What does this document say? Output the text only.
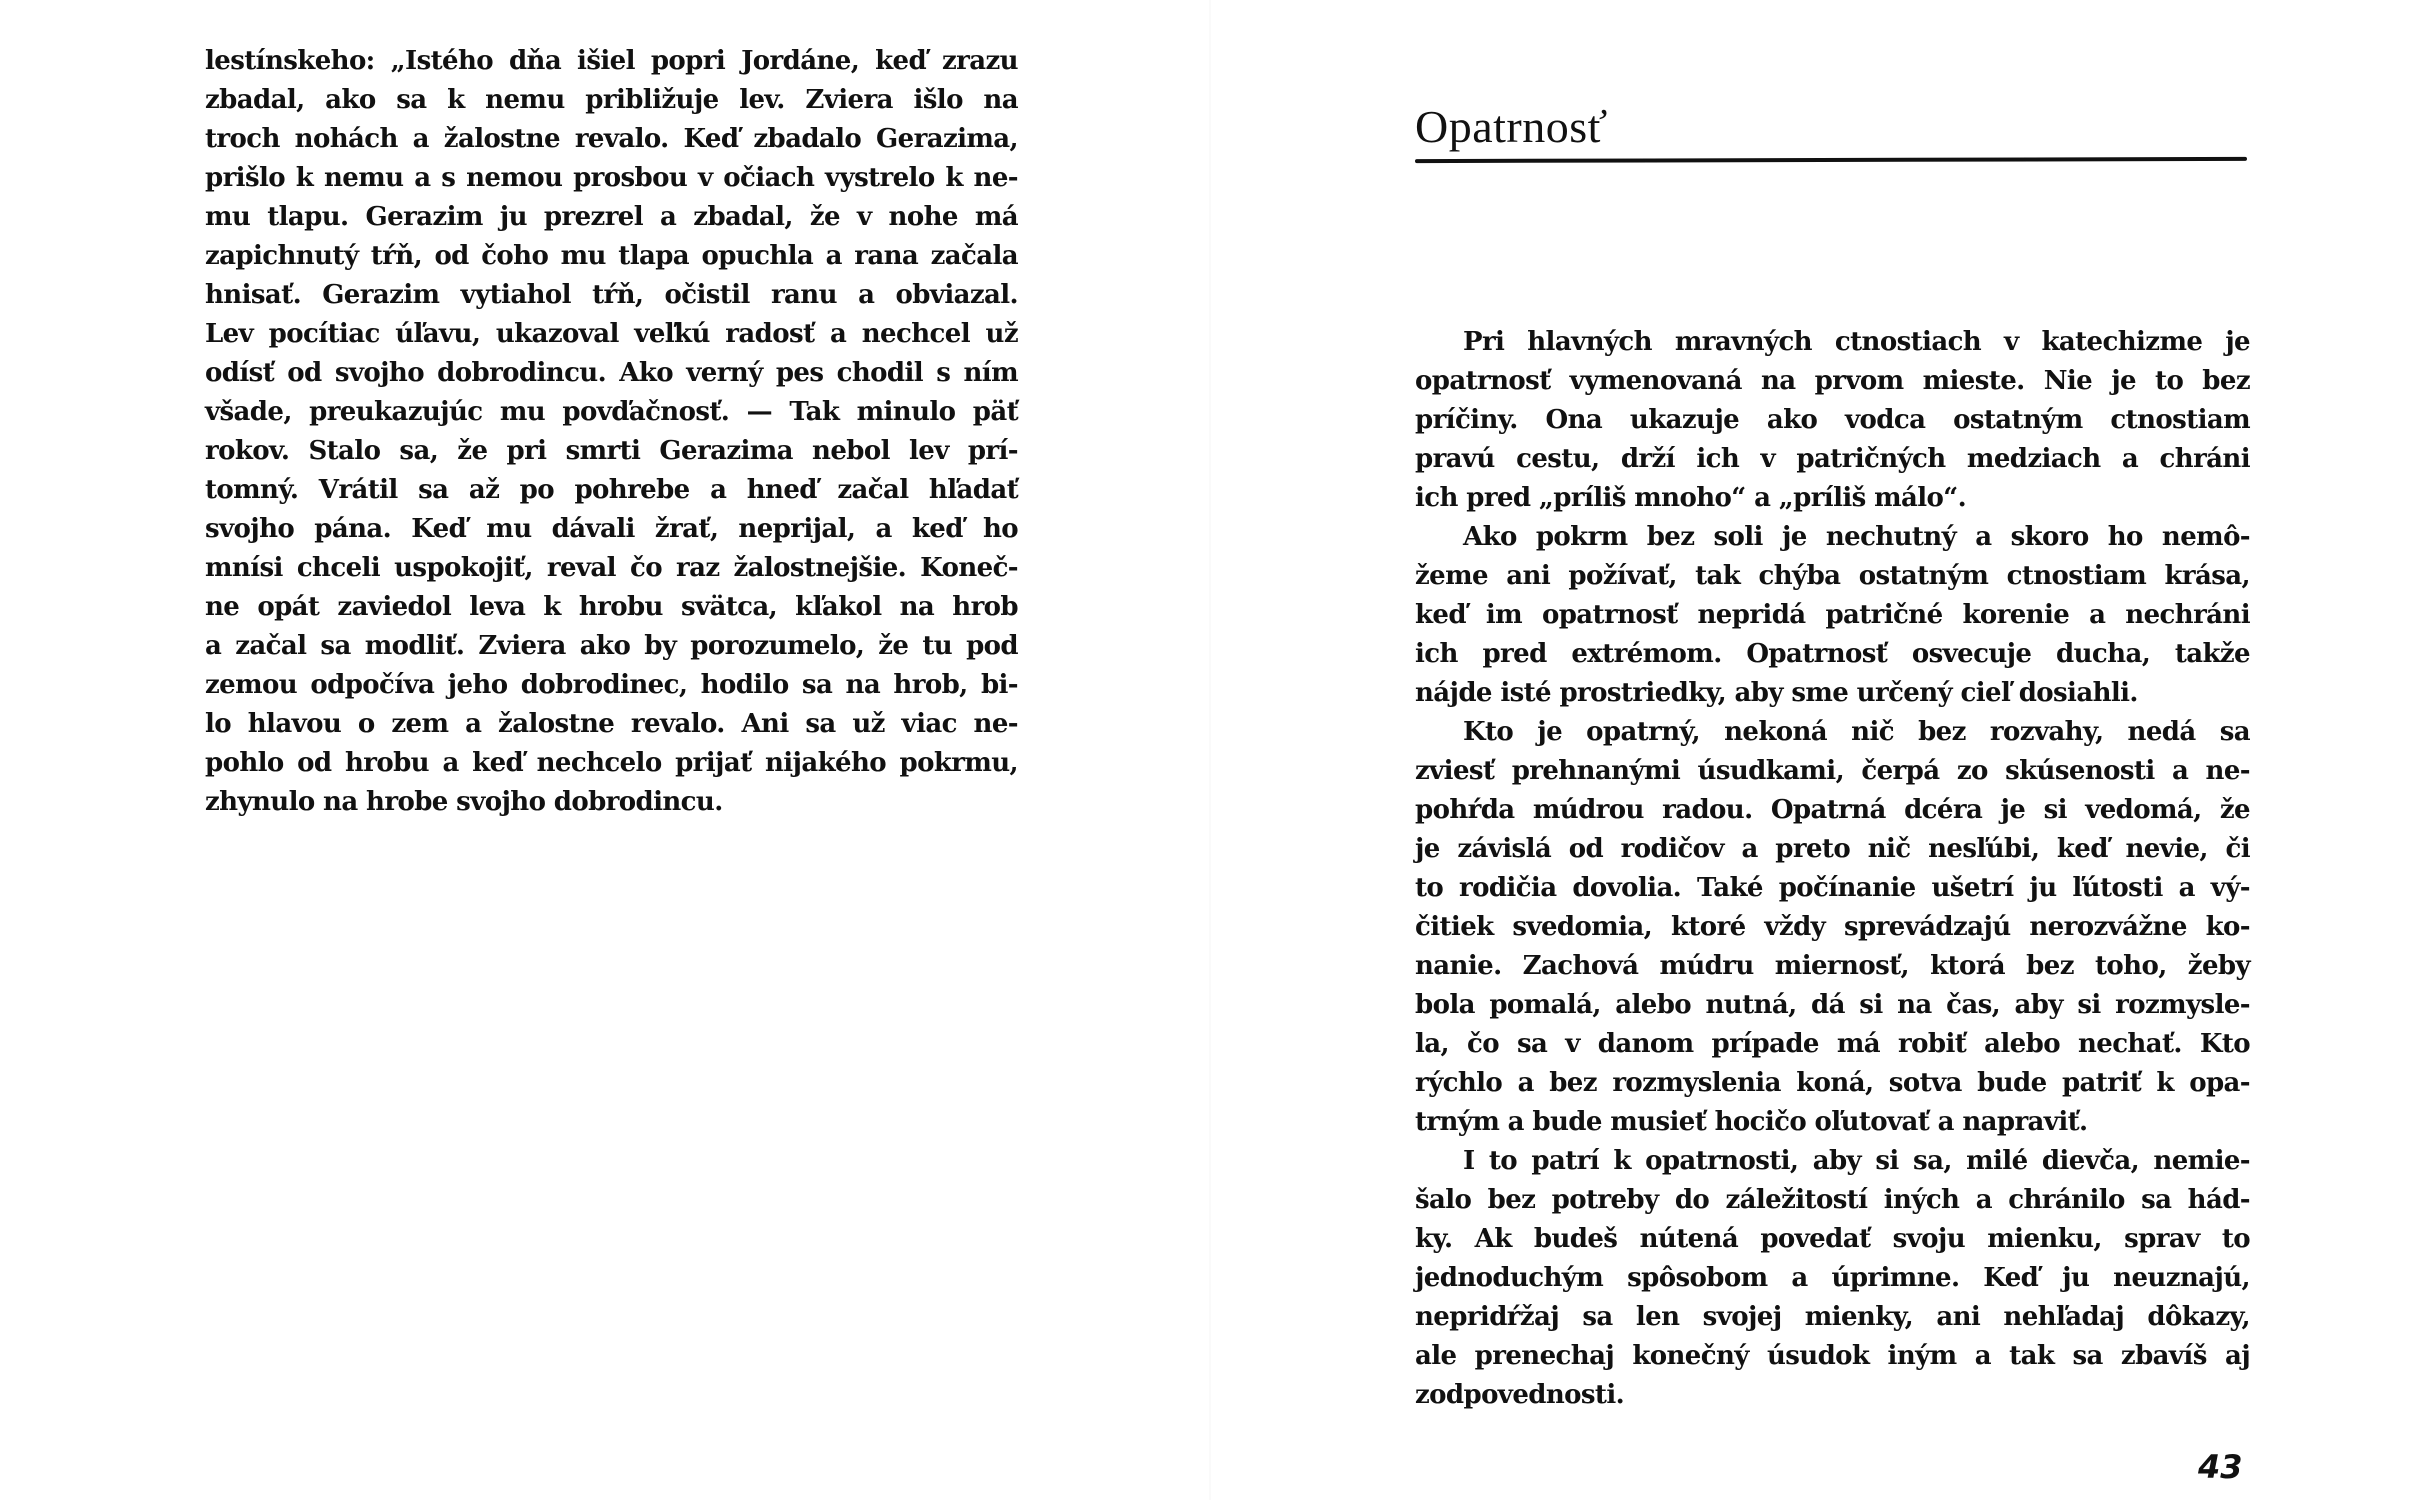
lestínskeho: „Istého dňa išiel popri Jordáne, keď zrazu
zbadal, ako sa k nemu približuje lev. Zviera išlo na
troch nohách a žalostne revalo. Keď zbadalo Gerazima,
prišlo k nemu a s nemou prosbou v očiach vystrelo k ne-
mu tlapu. Gerazim ju prezrel a zbadal, že v nohe má
zapichnutý tŕň, od čoho mu tlapa opuchla a rana začala
hnisať. Gerazim vytiahol tŕň, očistil ranu a obviazal.
Lev pocítiac úľavu, ukazoval veľkú radosť a nechcel už
odísť od svojho dobrodincu. Ako verný pes chodil s ním
všade, preukazujúc mu povďačnosť. — Tak minulo päť
rokov. Stalo sa, že pri smrti Gerazima nebol lev prí-
tomný. Vrátil sa až po pohrebe a hneď začal hľadať
svojho pána. Keď mu dávali žrať, neprijal, a keď ho
mnísi chceli uspokojiť, reval čo raz žalostnejšie. Koneč-
ne opát zaviedol leva k hrobu svätca, kľakol na hrob
a začal sa modliť. Zviera ako by porozumelo, že tu pod
zemou odpočíva jeho dobrodinec, hodilo sa na hrob, bi-
lo hlavou o zem a žalostne revalo. Ani sa už viac ne-
pohlo od hrobu a keď nechcelo prijať nijakého pokrmu,
zhynulo na hrobe svojho dobrodincu.
Opatrnosť
Pri hlavných mravných ctnostiach v katechizme je
opatrnosť vymenovaná na prvom mieste. Nie je to bez
príčiny. Ona ukazuje ako vodca ostatným ctnostiam
pravú cestu, drží ich v patričných medziach a chráni
ich pred „príliš mnoho“ a „príliš málo“.
Ako pokrm bez soli je nechutný a skoro ho nemô-
žeme ani požívať, tak chýba ostatným ctnostiam krása,
keď im opatrnosť nepridá patričné korenie a nechráni
ich pred extrémom. Opatrnosť osvecuje ducha, takže
nájde isté prostriedky, aby sme určený cieľ dosiahli.
Kto je opatrný, nekoná nič bez rozvahy, nedá sa
zviesť prehnanými úsudkami, čerpá zo skúsenosti a ne-
pohŕda múdrou radou. Opatrná dcéra je si vedomá, že
je závislá od rodičov a preto nič nesľúbi, keď nevie, či
to rodičia dovolia. Také počínanie ušetrí ju ľútosti a vý-
čitiek svedomia, ktoré vždy sprevádzajú nerozvážne ko-
nanie. Zachová múdru miernosť, ktorá bez toho, žeby
bola pomalá, alebo nutná, dá si na čas, aby si rozmysle-
la, čo sa v danom prípade má robiť alebo nechať. Kto
rýchlo a bez rozmyslenia koná, sotva bude patriť k opa-
trným a bude musieť hocičo oľutovať a napraviť.
I to patrí k opatrnosti, aby si sa, milé dievča, nemie-
šalo bez potreby do záležitostí iných a chránilo sa hád-
ky. Ak budeš nútená povedať svoju mienku, sprav to
jednoduchým spôsobom a úprimne. Keď ju neuznajú,
nepridŕžaj sa len svojej mienky, ani nehľadaj dôkazy,
ale prenechaj konečný úsudok iným a tak sa zbavíš aj
zodpovednosti.
43
